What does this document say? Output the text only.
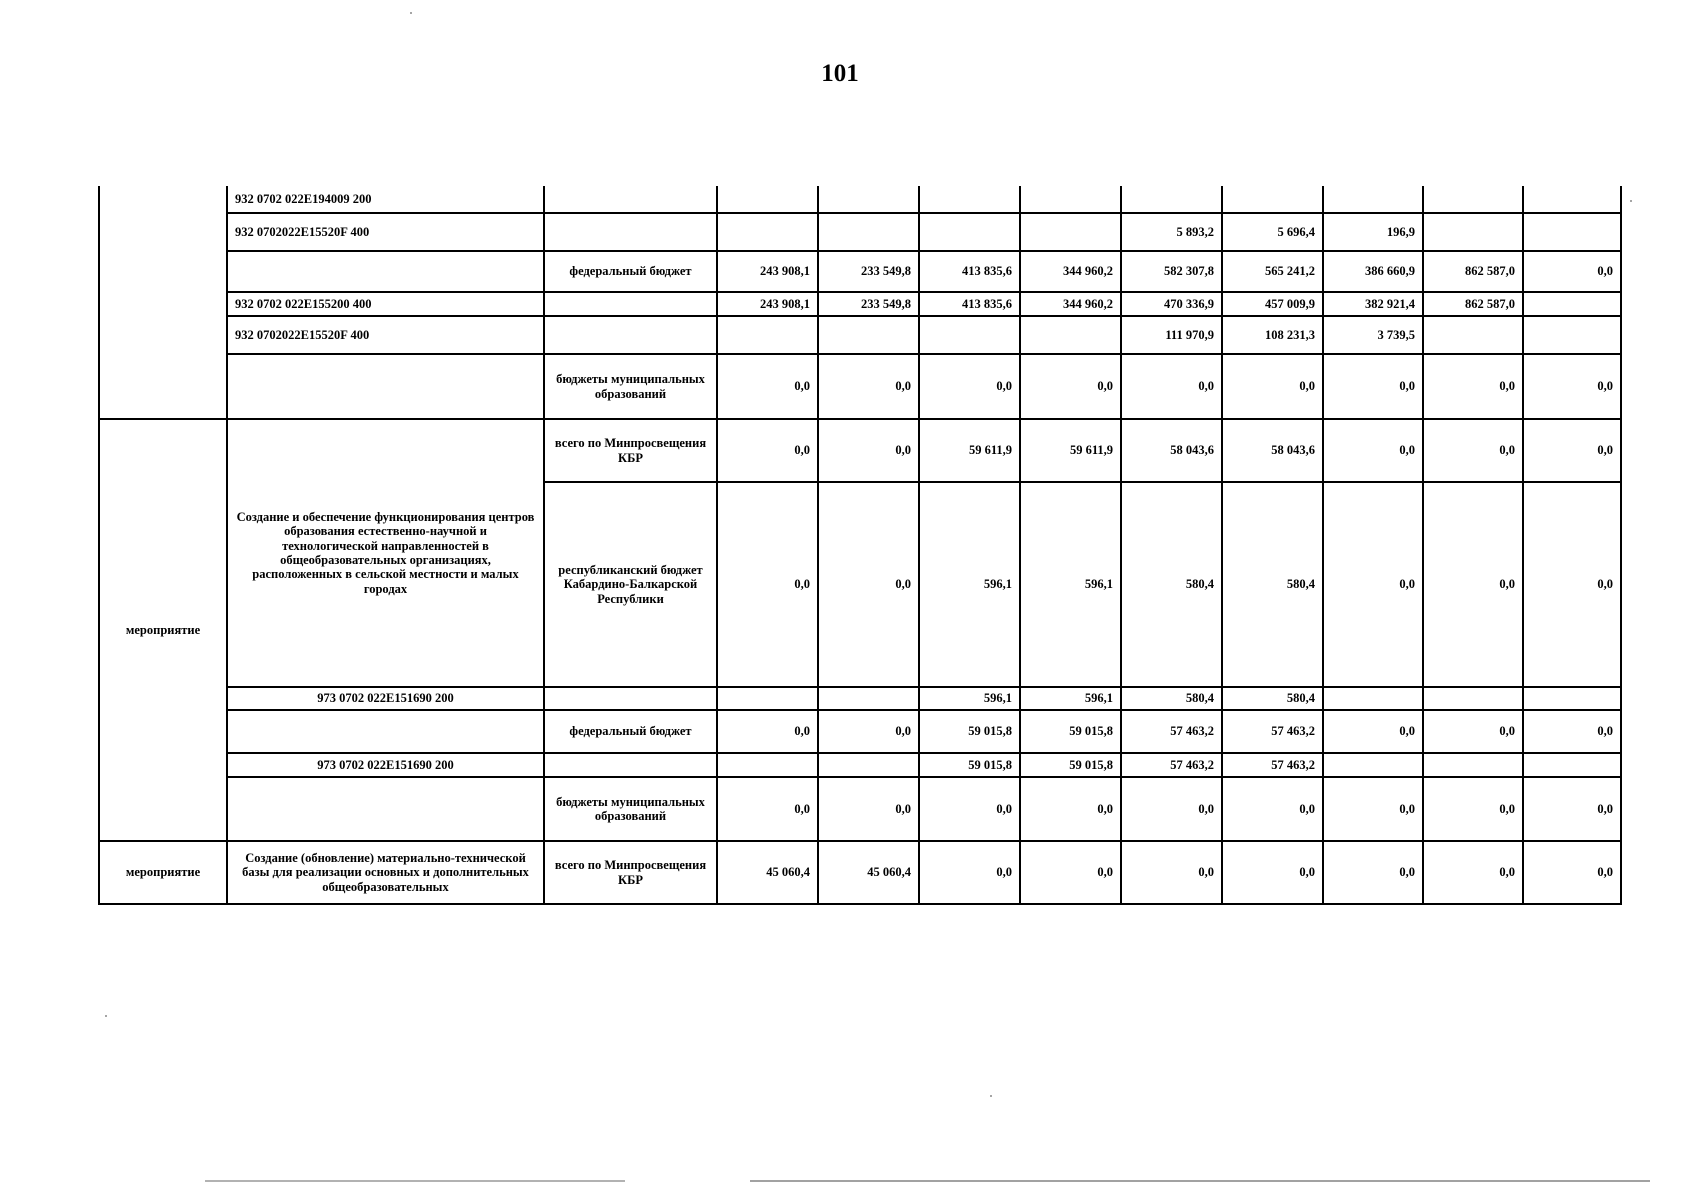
101
	932 0702 022E194009 200										
	932 0702022E15520F 400						5 893,2	5 696,4	196,9		
		федеральный бюджет	243 908,1	233 549,8	413 835,6	344 960,2	582 307,8	565 241,2	386 660,9	862 587,0	0,0
	932 0702 022E155200 400		243 908,1	233 549,8	413 835,6	344 960,2	470 336,9	457 009,9	382 921,4	862 587,0	
	932 0702022E15520F 400						111 970,9	108 231,3	3 739,5		
		бюджеты муниципальных образований	0,0	0,0	0,0	0,0	0,0	0,0	0,0	0,0	0,0
мероприятие	Создание и обеспечение функционирования центров образования естественно-научной и технологической направленностей в общеобразовательных организациях, расположенных в сельской местности и малых городах	всего по Минпросвещения КБР	0,0	0,0	59 611,9	59 611,9	58 043,6	58 043,6	0,0	0,0	0,0
		республиканский бюджет Кабардино-Балкарской Республики	0,0	0,0	596,1	596,1	580,4	580,4	0,0	0,0	0,0
	973 0702 022E151690 200				596,1	596,1	580,4	580,4			
		федеральный бюджет	0,0	0,0	59 015,8	59 015,8	57 463,2	57 463,2	0,0	0,0	0,0
	973 0702 022E151690 200				59 015,8	59 015,8	57 463,2	57 463,2			
		бюджеты муниципальных образований	0,0	0,0	0,0	0,0	0,0	0,0	0,0	0,0	0,0
мероприятие	Создание (обновление) материально-технической базы для реализации основных и дополнительных общеобразовательных	всего по Минпросвещения КБР	45 060,4	45 060,4	0,0	0,0	0,0	0,0	0,0	0,0	0,0
